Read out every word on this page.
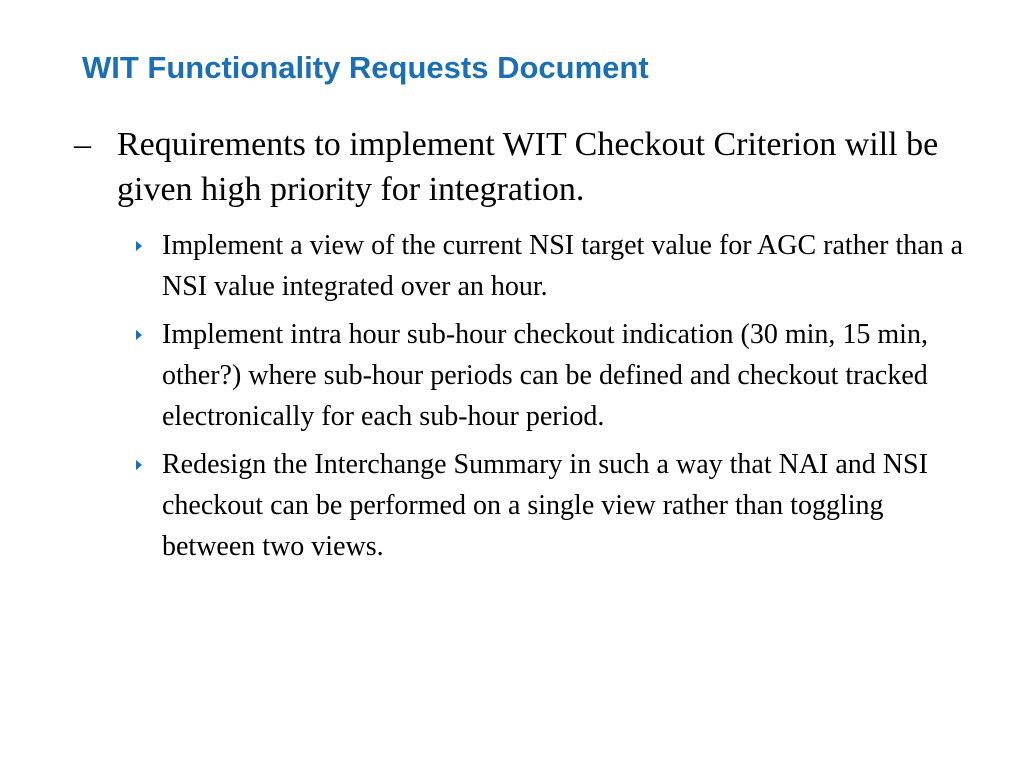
WIT Functionality Requests Document
– Requirements to implement WIT Checkout Criterion will be given high priority for integration.
Implement a view of the current NSI target value for AGC rather than a NSI value integrated over an hour.
Implement intra hour sub-hour checkout indication (30 min, 15 min, other?) where sub-hour periods can be defined and checkout tracked electronically for each sub-hour period.
Redesign the Interchange Summary in such a way that NAI and NSI checkout can be performed on a single view rather than toggling between two views.
